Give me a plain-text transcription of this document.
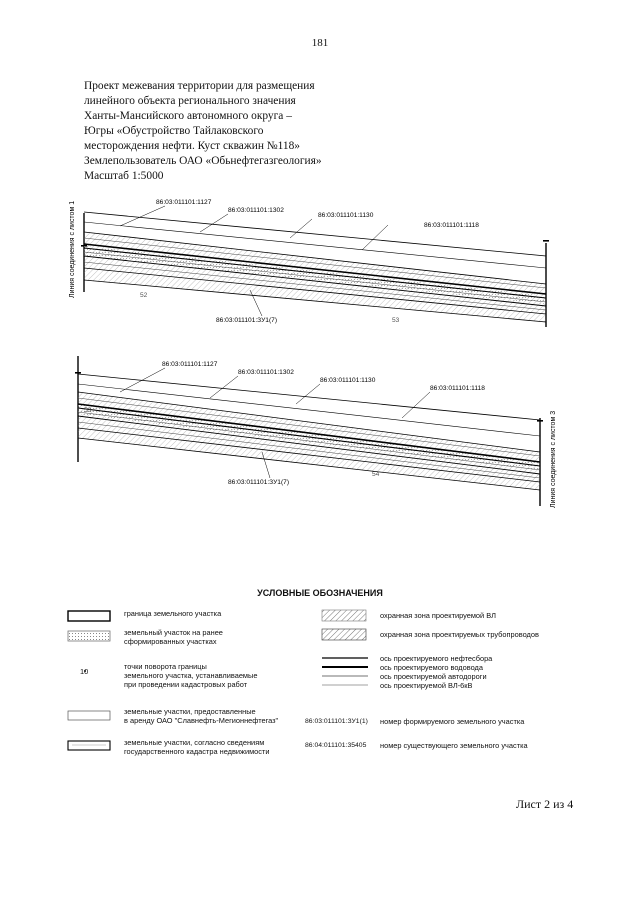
181
Проект межевания территории для размещения
линейного объекта регионального значения
Ханты-Мансийского автономного округа –
Югры «Обустройство Тайлаковского
месторождения нефти. Куст скважин №118»
Землепользователь ОАО «Обьнефтегазгеология»
Масштаб 1:5000
86:03:011101:1127
86:03:011101:1302
86:03:011101:1130
86:03:011101:1118
86:03:011101:ЗУ1(7)
52
53
Линия соединения с листом 1
86:03:011101:1127
86:03:011101:1302
86:03:011101:1130
86:03:011101:1118
86:03:011101:ЗУ1(7)
53
54	Линия соединения с листом 3
УСЛОВНЫЕ ОБОЗНАЧЕНИЯ
граница земельного участка
земельный участок на ранее
сформированных участках
10
точки поворота границы
земельного участка, устанавливаемые
при проведении кадастровых работ
земельные участки, предоставленные
в аренду ОАО "Славнефть-Мегионнефтегаз"
земельные участки, согласно сведениям
государственного кадастра недвижимости
охранная зона проектируемой ВЛ
охранная зона проектируемых трубопроводов
ось проектируемого нефтесбора
ось проектируемого водовода
ось проектируемой автодороги
ось проектируемой ВЛ-6кВ
86:03:011101:ЗУ1(1) номер формируемого земельного участка
86:04:011101:35405 номер существующего земельного участка
Лист 2 из 4
